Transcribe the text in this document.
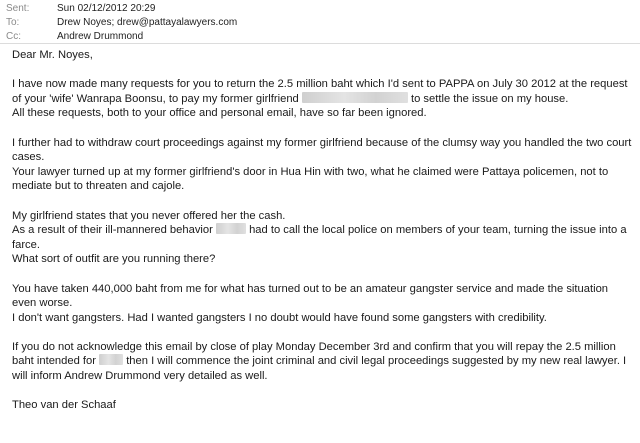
Sent:	Sun 02/12/2012 20:29
To:	Drew Noyes; drew@pattayalawyers.com
Cc:	Andrew Drummond

Dear Mr. Noyes,

I have now made many requests for you to return the 2.5 million baht which I'd sent to PAPPA on July 30 2012 at the request of your 'wife' Wanrapa Boonsu, to pay my former girlfriend	to settle the issue on my house.
All these requests, both to your office and personal email, have so far been ignored.

I further had to withdraw court proceedings against my former girlfriend because of the clumsy way you handled the two court cases.
Your lawyer turned up at my former girlfriend's door in Hua Hin with two, what he claimed were Pattaya policemen, not to mediate but to threaten and cajole.

My girlfriend states that you never offered her the cash.
As a result of their ill-mannered behavior	had to call the local police on members of your team, turning the issue into a farce.
What sort of outfit are you running there?

You have taken 440,000 baht from me for what has turned out to be an amateur gangster service and made the situation even worse.
I don't want gangsters. Had I wanted gangsters I no doubt would have found some gangsters with credibility.

If you do not acknowledge this email by close of play Monday December 3rd and confirm that you will repay the 2.5 million baht intended for  then I will commence the joint criminal and civil legal proceedings suggested by my new real lawyer. I will inform Andrew Drummond very detailed as well.

Theo van der Schaaf
